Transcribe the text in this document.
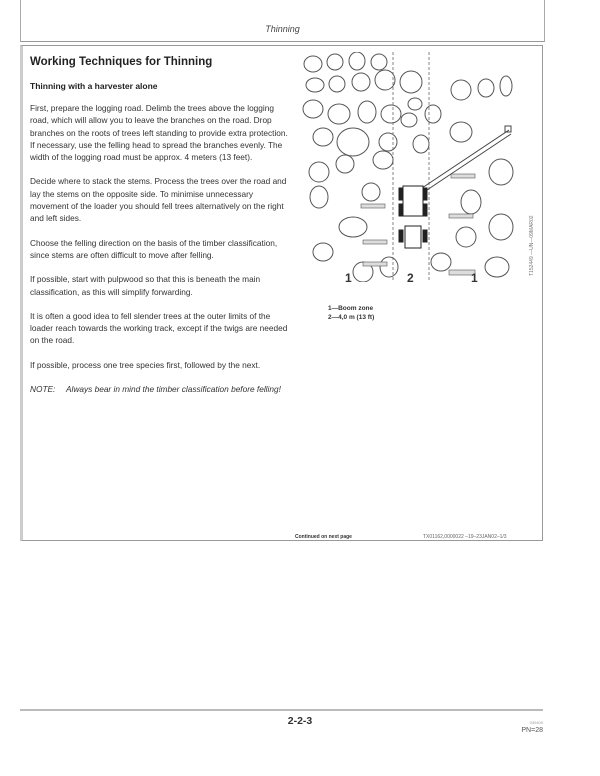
Thinning
Working Techniques for Thinning
Thinning with a harvester alone

First, prepare the logging road. Delimb the trees above the logging road, which will allow you to leave the branches on the road. Drop branches on the roots of trees left standing to provide extra protection. If necessary, use the felling head to spread the branches evenly. The width of the logging road must be approx. 4 meters (13 feet).

Decide where to stack the stems. Process the trees over the road and lay the stems on the opposite side. To minimise unnecessary movement of the loader you should fell trees alternatively on the right and left sides.

Choose the felling direction on the basis of the timber classification, since stems are often difficult to move after felling.

If possible, start with pulpwood so that this is beneath the main classification, as this will simplify forwarding.

It is often a good idea to fell slender trees at the outer limits of the loader reach towards the working track, except if the twigs are needed on the road.

If possible, process one tree species first, followed by the next.

NOTE:	Always bear in mind the timber classification before felling!
1	2	1
T152449 —UN—09MAR02
1—Boom zone
2—4,0 m (13 ft)
Continued on next page	TX01162,0000022 –19–23JAN02–1/3
2-2-3	030409
PN=28
